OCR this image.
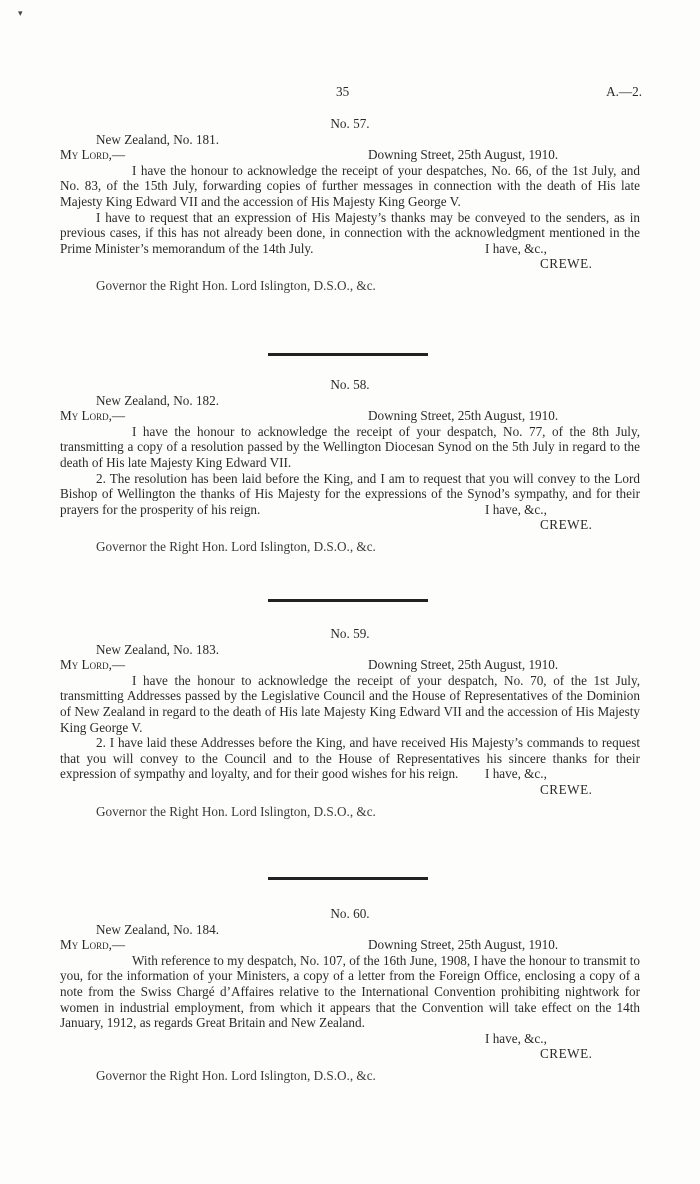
▾
35	A.—2.
No. 57.
New Zealand, No. 181.
My Lord,—	Downing Street, 25th August, 1910.

I have the honour to acknowledge the receipt of your despatches, No. 66, of the 1st July, and No. 83, of the 15th July, forwarding copies of further messages in connection with the death of His late Majesty King Edward VII and the accession of His Majesty King George V.

I have to request that an expression of His Majesty’s thanks may be conveyed to the senders, as in previous cases, if this has not already been done, in connection with the acknowledgment mentioned in the Prime Minister’s memorandum of the 14th July.	I have, &c.,
CREWE.
Governor the Right Hon. Lord Islington, D.S.O., &c.
No. 58.
New Zealand, No. 182.
My Lord,—	Downing Street, 25th August, 1910.

I have the honour to acknowledge the receipt of your despatch, No. 77, of the 8th July, transmitting a copy of a resolution passed by the Wellington Diocesan Synod on the 5th July in regard to the death of His late Majesty King Edward VII.

2. The resolution has been laid before the King, and I am to request that you will convey to the Lord Bishop of Wellington the thanks of His Majesty for the expressions of the Synod’s sympathy, and for their prayers for the prosperity of his reign.	I have, &c.,
CREWE.
Governor the Right Hon. Lord Islington, D.S.O., &c.
No. 59.
New Zealand, No. 183.
My Lord,—	Downing Street, 25th August, 1910.

I have the honour to acknowledge the receipt of your despatch, No. 70, of the 1st July, transmitting Addresses passed by the Legislative Council and the House of Representatives of the Dominion of New Zealand in regard to the death of His late Majesty King Edward VII and the accession of His Majesty King George V.

2. I have laid these Addresses before the King, and have received His Majesty’s commands to request that you will convey to the Council and to the House of Representatives his sincere thanks for their expression of sympathy and loyalty, and for their good wishes for his reign.	I have, &c.,
CREWE.
Governor the Right Hon. Lord Islington, D.S.O., &c.
No. 60.
New Zealand, No. 184.
My Lord,—	Downing Street, 25th August, 1910.

With reference to my despatch, No. 107, of the 16th June, 1908, I have the honour to transmit to you, for the information of your Ministers, a copy of a letter from the Foreign Office, enclosing a copy of a note from the Swiss Chargé d’Affaires relative to the International Convention prohibiting nightwork for women in industrial employment, from which it appears that the Convention will take effect on the 14th January, 1912, as regards Great Britain and New Zealand.

I have, &c.,
CREWE.
Governor the Right Hon. Lord Islington, D.S.O., &c.
